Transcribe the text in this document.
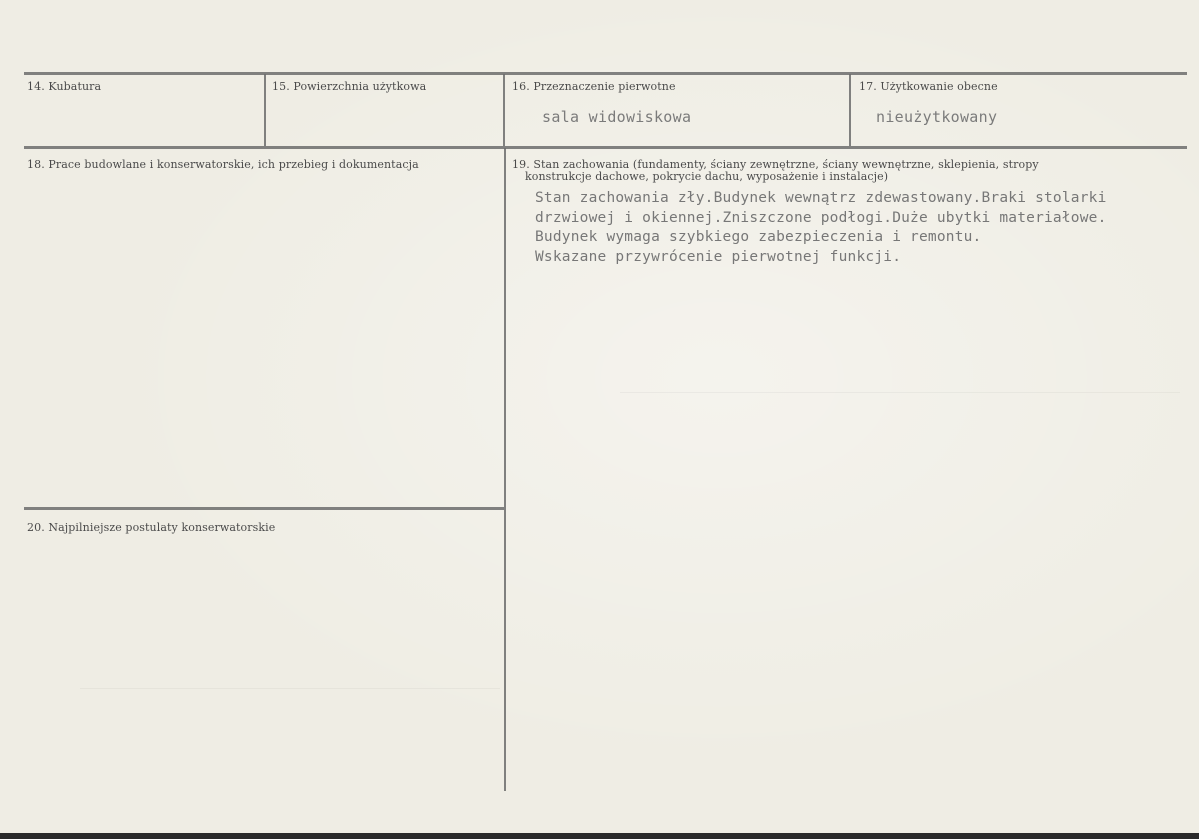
14. Kubatura	15. Powierzchnia użytkowa	16. Przeznaczenie pierwotne
sala widowiskowa
17. Użytkowanie obecne
nieużytkowany
18. Prace budowlane i konserwatorskie, ich przebieg i dokumentacja	19. Stan zachowania (fundamenty, ściany zewnętrzne, ściany wewnętrzne, sklepienia, stropy
konstrukcje dachowe, pokrycie dachu, wyposażenie i instalacje)
Stan zachowania zły.Budynek wewnątrz zdewastowany.Braki stolarki
drzwiowej i okiennej.Zniszczone podłogi.Duże ubytki materiałowe.
Budynek wymaga szybkiego zabezpieczenia i remontu.
Wskazane przywrócenie pierwotnej funkcji.
20. Najpilniejsze postulaty konserwatorskie
